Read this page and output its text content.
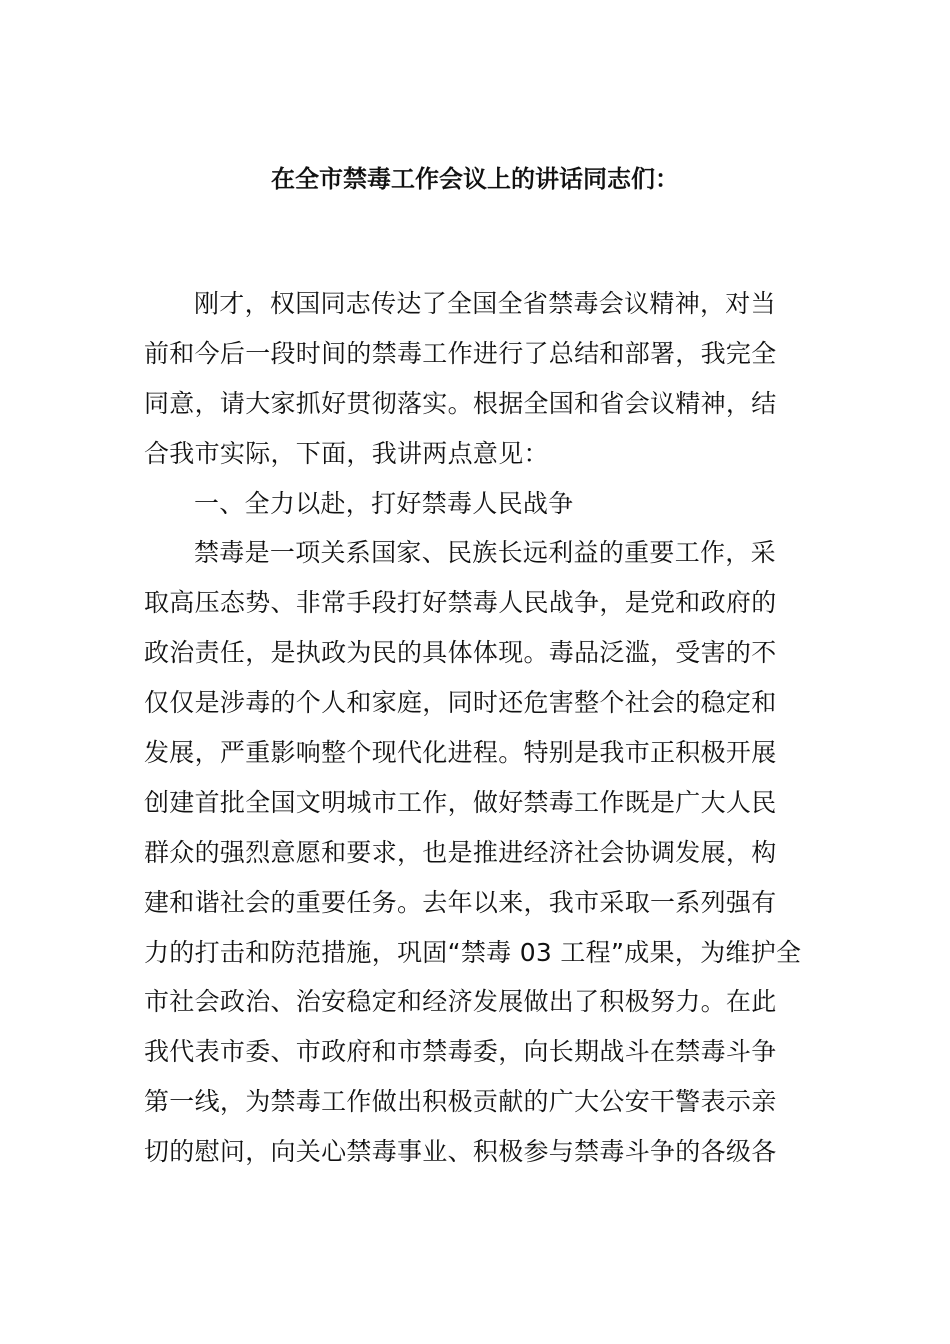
在全市禁毒工作会议上的讲话同志们：
刚才，权国同志传达了全国全省禁毒会议精神，对当
前和今后一段时间的禁毒工作进行了总结和部署，我完全
同意，请大家抓好贯彻落实。根据全国和省会议精神，结
合我市实际，下面，我讲两点意见：
一、全力以赴，打好禁毒人民战争
禁毒是一项关系国家、民族长远利益的重要工作，采
取高压态势、非常手段打好禁毒人民战争，是党和政府的
政治责任，是执政为民的具体体现。毒品泛滥，受害的不
仅仅是涉毒的个人和家庭，同时还危害整个社会的稳定和
发展，严重影响整个现代化进程。特别是我市正积极开展
创建首批全国文明城市工作，做好禁毒工作既是广大人民
群众的强烈意愿和要求，也是推进经济社会协调发展，构
建和谐社会的重要任务。去年以来，我市采取一系列强有
力的打击和防范措施，巩固“禁毒 03 工程”成果，为维护全
市社会政治、治安稳定和经济发展做出了积极努力。在此
我代表市委、市政府和市禁毒委，向长期战斗在禁毒斗争
第一线，为禁毒工作做出积极贡献的广大公安干警表示亲
切的慰问，向关心禁毒事业、积极参与禁毒斗争的各级各
